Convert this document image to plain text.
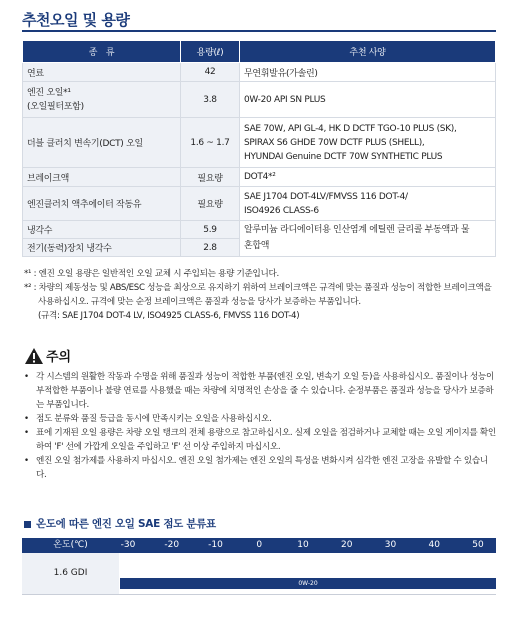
추천오일 및 용량
종　류	용량(ℓ)	추천 사양
연료	42	무연휘발유(가솔린)
엔진 오일*¹
(오일필터포함)	3.8	0W-20 API SN PLUS
더블 클러치 변속기(DCT) 오일	1.6 ~ 1.7	SAE 70W, API GL-4, HK D DCTF TGO-10 PLUS (SK),
SPIRAX S6 GHDE 70W DCTF PLUS (SHELL),
HYUNDAI Genuine DCTF 70W SYNTHETIC PLUS
브레이크액	필요량	DOT4*²
엔진클러치 액추에이터 작동유	필요량	SAE J1704 DOT-4LV/FMVSS 116 DOT-4/
ISO4926 CLASS-6
냉각수	5.9	알루미늄 라디에이터용 인산염계 에틸렌 글리콜 부동액과 물
혼합액
전기(동력)장치 냉각수	2.8	
*¹ : 엔진 오일 용량은 일반적인 오일 교체 시 주입되는 용량 기준입니다.
*² : 차량의 제동성능 및 ABS/ESC 성능을 최상으로 유지하기 위하여 브레이크액은 규격에 맞는 품질과 성능이 적합한 브레이크액을 사용하십시오. 규격에 맞는 순정 브레이크액은 품질과 성능을 당사가 보증하는 부품입니다.
(규격: SAE J1704 DOT-4 LV, ISO4925 CLASS-6, FMVSS 116 DOT-4)
주의
• 각 시스템의 원활한 작동과 수명을 위해 품질과 성능이 적합한 부품(엔진 오일, 변속기 오일 등)을 사용하십시오. 품질이나 성능이 부적합한 부품이나 불량 연료를 사용했을 때는 차량에 치명적인 손상을 줄 수 있습니다. 순정부품은 품질과 성능을 당사가 보증하는 부품입니다.
• 점도 분류와 품질 등급을 동시에 만족시키는 오일을 사용하십시오.
• 표에 기재된 오일 용량은 차량 오일 탱크의 전체 용량으로 참고하십시오. 실제 오일을 점검하거나 교체할 때는 오일 게이지를 확인하여 'F' 선에 가깝게 오일을 주입하고 'F' 선 이상 주입하지 마십시오.
• 엔진 오일 첨가제를 사용하지 마십시오. 엔진 오일 첨가제는 엔진 오일의 특성을 변화시켜 심각한 엔진 고장을 유발할 수 있습니다.
온도에 따른 엔진 오일 SAE 점도 분류표
온도(℃)	-30	-20	-10	0	10	20	30	40	50
1.6 GDI
0W-20
